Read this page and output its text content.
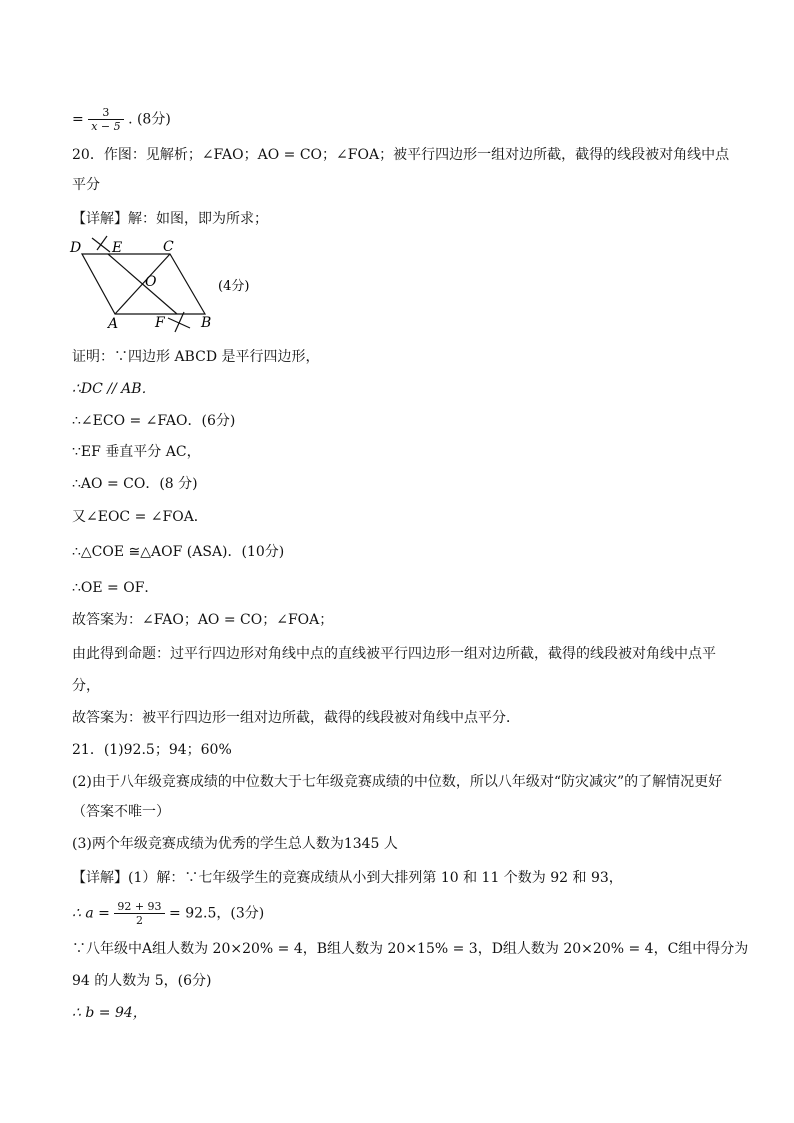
= $\frac{3}{x - 5}$ . (8分)
20．作图：见解析；∠FAO；AO = CO；∠FOA；被平行四边形一组对边所截，截得的线段被对角线中点
平分
【详解】解：如图，即为所求；
D E	C
O
A	F	B
(4分)
证明：∵四边形 ABCD 是平行四边形，
∴DC // AB．
∴∠ECO = ∠FAO．(6分)
∵EF 垂直平分 AC，
∴AO = CO．(8 分)
又∠EOC = ∠FOA．
∴△COE ≅△AOF (ASA)．(10分)
∴OE = OF．
故答案为：∠FAO；AO = CO；∠FOA；
由此得到命题：过平行四边形对角线中点的直线被平行四边形一组对边所截，截得的线段被对角线中点平
分，
故答案为：被平行四边形一组对边所截，截得的线段被对角线中点平分．
21．(1)92.5；94；60%
(2)由于八年级竞赛成绩的中位数大于七年级竞赛成绩的中位数，所以八年级对“防灾减灾”的了解情况更好
（答案不唯一）
(3)两个年级竞赛成绩为优秀的学生总人数为1345 人
【详解】(1）解：∵七年级学生的竞赛成绩从小到大排列第 10 和 11 个数为 92 和 93，
∴ $a = \frac{92 + 93}{2} = 92.5$，(3分)
∵八年级中A组人数为 20×20% = 4，B组人数为 20×15% = 3，D组人数为 20×20% = 4，C组中得分为
94 的人数为 5，(6分)
∴ b = 94，
